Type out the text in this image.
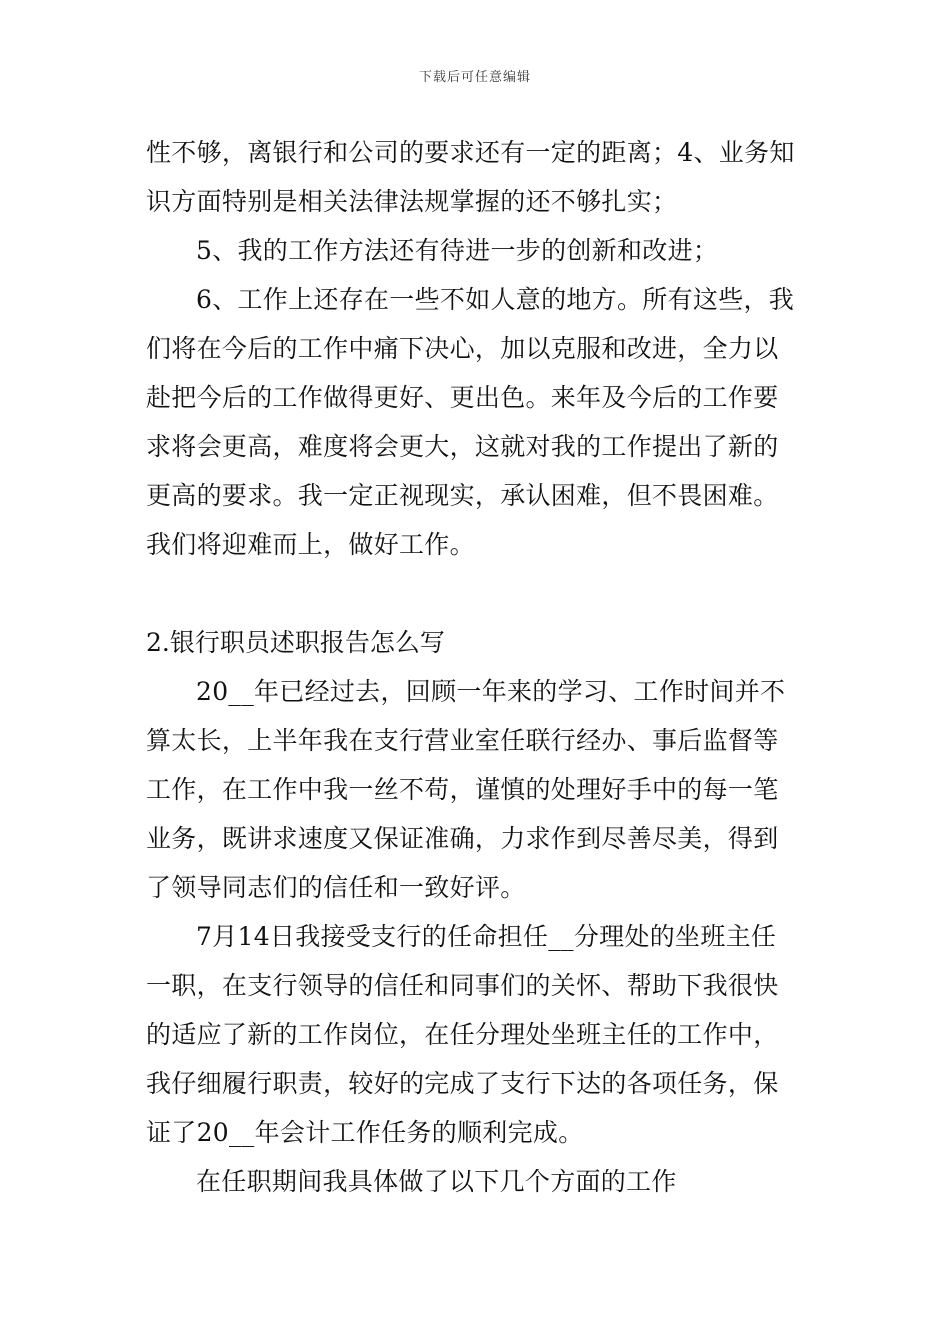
下载后可任意编辑
性不够，离银行和公司的要求还有一定的距离；4、业务知
识方面特别是相关法律法规掌握的还不够扎实；
5、我的工作方法还有待进一步的创新和改进；
6、工作上还存在一些不如人意的地方。所有这些，我
们将在今后的工作中痛下决心，加以克服和改进，全力以
赴把今后的工作做得更好、更出色。来年及今后的工作要
求将会更高，难度将会更大，这就对我的工作提出了新的
更高的要求。我一定正视现实，承认困难，但不畏困难。
我们将迎难而上，做好工作。
2.银行职员述职报告怎么写
20__年已经过去，回顾一年来的学习、工作时间并不
算太长，上半年我在支行营业室任联行经办、事后监督等
工作，在工作中我一丝不苟，谨慎的处理好手中的每一笔
业务，既讲求速度又保证准确，力求作到尽善尽美，得到
了领导同志们的信任和一致好评。
7月14日我接受支行的任命担任__分理处的坐班主任
一职，在支行领导的信任和同事们的关怀、帮助下我很快
的适应了新的工作岗位，在任分理处坐班主任的工作中，
我仔细履行职责，较好的完成了支行下达的各项任务，保
证了20__年会计工作任务的顺利完成。
在任职期间我具体做了以下几个方面的工作
